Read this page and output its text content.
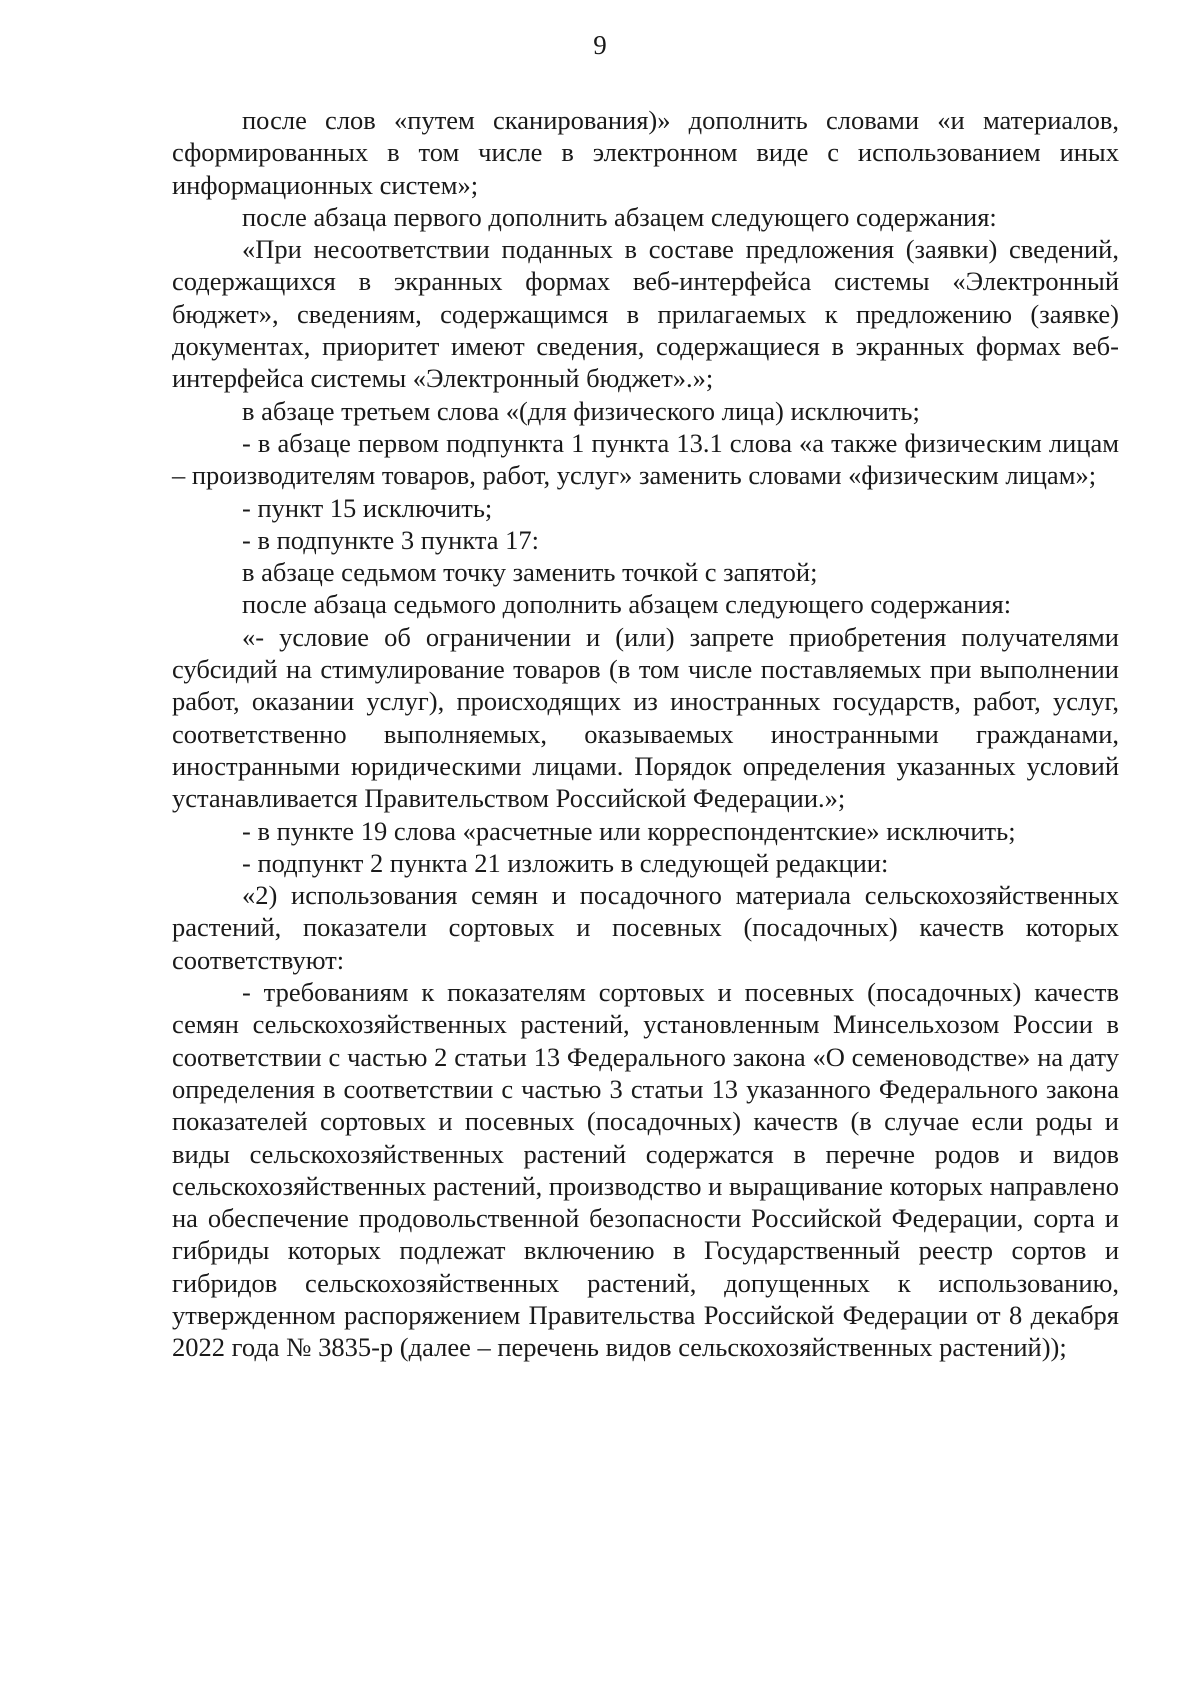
9

после слов «путем сканирования)» дополнить словами «и материалов, сформированных в том числе в электронном виде с использованием иных информационных систем»;

после абзаца первого дополнить абзацем следующего содержания:

«При несоответствии поданных в составе предложения (заявки) сведений, содержащихся в экранных формах веб-интерфейса системы «Электронный бюджет», сведениям, содержащимся в прилагаемых к предложению (заявке) документах, приоритет имеют сведения, содержащиеся в экранных формах веб-интерфейса системы «Электронный бюджет».»;

в абзаце третьем слова «(для физического лица) исключить;

- в абзаце первом подпункта 1 пункта 13.1 слова «а также физическим лицам – производителям товаров, работ, услуг» заменить словами «физическим лицам»;

- пункт 15 исключить;

- в подпункте 3 пункта 17:

в абзаце седьмом точку заменить точкой с запятой;

после абзаца седьмого дополнить абзацем следующего содержания:

«- условие об ограничении и (или) запрете приобретения получателями субсидий на стимулирование товаров (в том числе поставляемых при выполнении работ, оказании услуг), происходящих из иностранных государств, работ, услуг, соответственно выполняемых, оказываемых иностранными гражданами, иностранными юридическими лицами. Порядок определения указанных условий устанавливается Правительством Российской Федерации.»;

- в пункте 19 слова «расчетные или корреспондентские» исключить;

- подпункт 2 пункта 21 изложить в следующей редакции:

«2) использования семян и посадочного материала сельскохозяйственных растений, показатели сортовых и посевных (посадочных) качеств которых соответствуют:

- требованиям к показателям сортовых и посевных (посадочных) качеств семян сельскохозяйственных растений, установленным Минсельхозом России в соответствии с частью 2 статьи 13 Федерального закона «О семеноводстве» на дату определения в соответствии с частью 3 статьи 13 указанного Федерального закона показателей сортовых и посевных (посадочных) качеств (в случае если роды и виды сельскохозяйственных растений содержатся в перечне родов и видов сельскохозяйственных растений, производство и выращивание которых направлено на обеспечение продовольственной безопасности Российской Федерации, сорта и гибриды которых подлежат включению в Государственный реестр сортов и гибридов сельскохозяйственных растений, допущенных к использованию, утвержденном распоряжением Правительства Российской Федерации от 8 декабря 2022 года № 3835-р (далее – перечень видов сельскохозяйственных растений));
